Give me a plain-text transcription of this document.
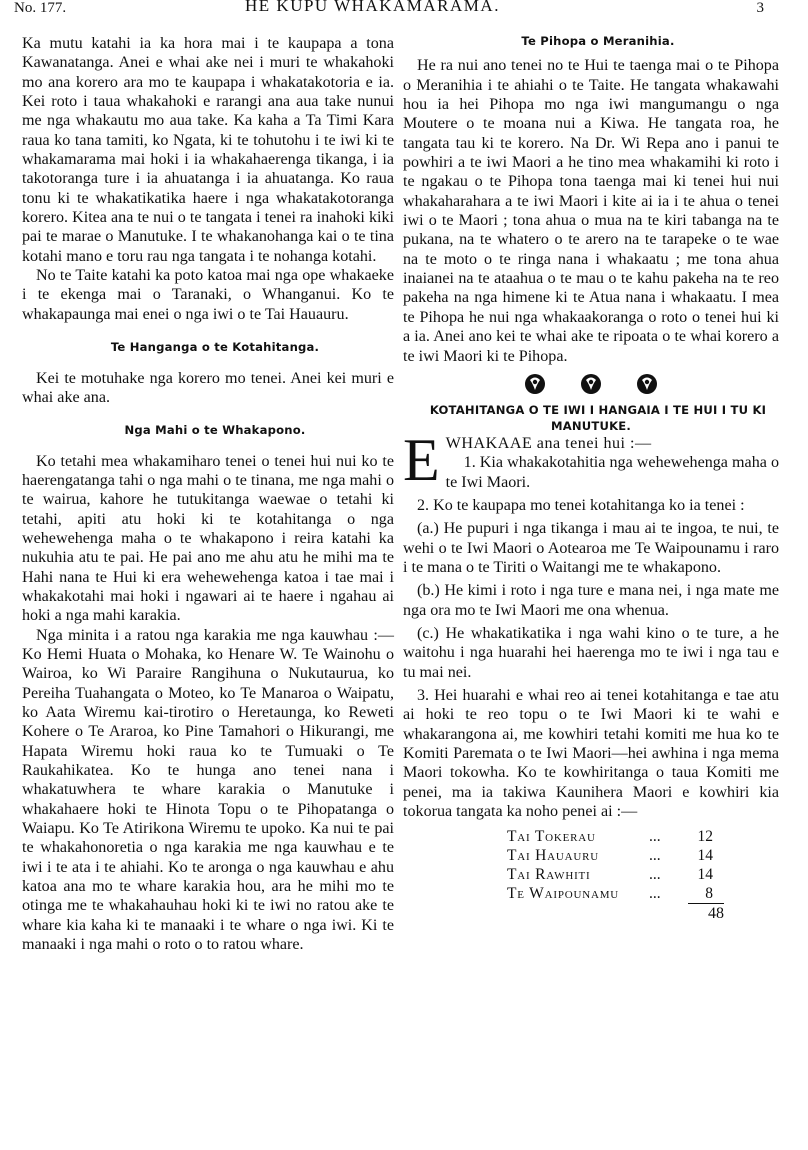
No. 177.	HE KUPU WHAKAMARAMA.	3

Ka mutu katahi ia ka hora mai i te kaupapa a tona Kawanatanga. Anei e whai ake nei i muri te whakahoki mo ana korero ara mo te kaupapa i whakatakotoria e ia. Kei roto i taua whakahoki e rarangi ana aua take nunui me nga whakautu mo aua take. Ka kaha a Ta Timi Kara raua ko tana tamiti, ko Ngata, ki te tohutohu i te iwi ki te whakamarama mai hoki i ia whakahaerenga tikanga, i ia takotoranga ture i ia ahuatanga i ia ahuatanga. Ko raua tonu ki te whakatikatika haere i nga whakatakotoranga korero. Kitea ana te nui o te tangata i tenei ra inahoki kiki pai te marae o Manutuke. I te whakanohanga kai o te tina kotahi mano e toru rau nga tangata i te nohanga kotahi.

No te Taite katahi ka poto katoa mai nga ope whakaeke i te ekenga mai o Taranaki, o Whanganui. Ko te whakapaunga mai enei o nga iwi o te Tai Hauauru.

Te Hanganga o te Kotahitanga.

Kei te motuhake nga korero mo tenei. Anei kei muri e whai ake ana.

Nga Mahi o te Whakapono.

Ko tetahi mea whakamiharo tenei o tenei hui nui ko te haerengatanga tahi o nga mahi o te tinana, me nga mahi o te wairua, kahore he tutukitanga waewae o tetahi ki tetahi, apiti atu hoki ki te kotahitanga o nga wehewehenga maha o te whakapono i reira katahi ka nukuhia atu te pai. He pai ano me ahu atu he mihi ma te Hahi nana te Hui ki era wehewehenga katoa i tae mai i whakakotahi mai hoki i ngawari ai te haere i ngahau ai hoki a nga mahi karakia.

Nga minita i a ratou nga karakia me nga kauwhau :—Ko Hemi Huata o Mohaka, ko Henare W. Te Wainohu o Wairoa, ko Wi Paraire Rangihuna o Nukutaurua, ko Pereiha Tuahangata o Moteo, ko Te Manaroa o Waipatu, ko Aata Wiremu kai-tirotiro o Heretaunga, ko Reweti Kohere o Te Araroa, ko Pine Tamahori o Hikurangi, me Hapata Wiremu hoki raua ko te Tumuaki o Te Raukahikatea. Ko te hunga ano tenei nana i whakatuwhera te whare karakia o Manutuke i whakahaere hoki te Hinota Topu o te Pihopatanga o Waiapu. Ko Te Atirikona Wiremu te upoko. Ka nui te pai te whakahonoretia o nga karakia me nga kauwhau e te iwi i te ata i te ahiahi. Ko te aronga o nga kauwhau e ahu katoa ana mo te whare karakia hou, ara he mihi mo te otinga me te whakahauhau hoki ki te iwi no ratou ake te whare kia kaha ki te manaaki i te whare o nga iwi. Ki te manaaki i nga mahi o roto o to ratou whare.

Te Pihopa o Meranihia.

He ra nui ano tenei no te Hui te taenga mai o te Pihopa o Meranihia i te ahiahi o te Taite. He tangata whakawahi hou ia hei Pihopa mo nga iwi mangumangu o nga Moutere o te moana nui a Kiwa. He tangata roa, he tangata tau ki te korero. Na Dr. Wi Repa ano i panui te powhiri a te iwi Maori a he tino mea whakamihi ki roto i te ngakau o te Pihopa tona taenga mai ki tenei hui nui whakaharahara a te iwi Maori i kite ai ia i te ahua o tenei iwi o te Maori ; tona ahua o mua na te kiri tabanga na te pukana, na te whatero o te arero na te tarapeke o te wae na te moto o te ringa nana i whakaatu ; me tona ahua inaianei na te ataahua o te mau o te kahu pakeha na te reo pakeha na nga himene ki te Atua nana i whakaatu. I mea te Pihopa he nui nga whakaakoranga o roto o tenei hui ki a ia. Anei ano kei te whai ake te ripoata o te whai korero a te iwi Maori ki te Pihopa.

KOTAHITANGA O TE IWI I HANGAIA I TE HUI I TU KI MANUTUKE.

E WHAKAAE ana tenei hui :—

1. Kia whakakotahitia nga wehewehenga maha o te Iwi Maori.

2. Ko te kaupapa mo tenei kotahitanga ko ia tenei :

(a.) He pupuri i nga tikanga i mau ai te ingoa, te nui, te wehi o te Iwi Maori o Aotearoa me Te Waipounamu i raro i te mana o te Tiriti o Waitangi me te whakapono.

(b.) He kimi i roto i nga ture e mana nei, i nga mate me nga ora mo te Iwi Maori me ona whenua.

(c.) He whakatikatika i nga wahi kino o te ture, a he waitohu i nga huarahi hei haerenga mo te iwi i nga tau e tu mai nei.

3. Hei huarahi e whai reo ai tenei kotahitanga e tae atu ai hoki te reo topu o te Iwi Maori ki te wahi e whakarangona ai, me kowhiri tetahi komiti me hua ko te Komiti Paremata o te Iwi Maori—hei awhina i nga mema Maori tokowha. Ko te kowhiritanga o taua Komiti me penei, ma ia takiwa Kaunihera Maori e kowhiri kia tokorua tangata ka noho penei ai :—

Tai Tokerau	...	12
Tai Hauauru	...	14
Tai Rawhiti	...	14
Te Waipounamu	...	8
48
